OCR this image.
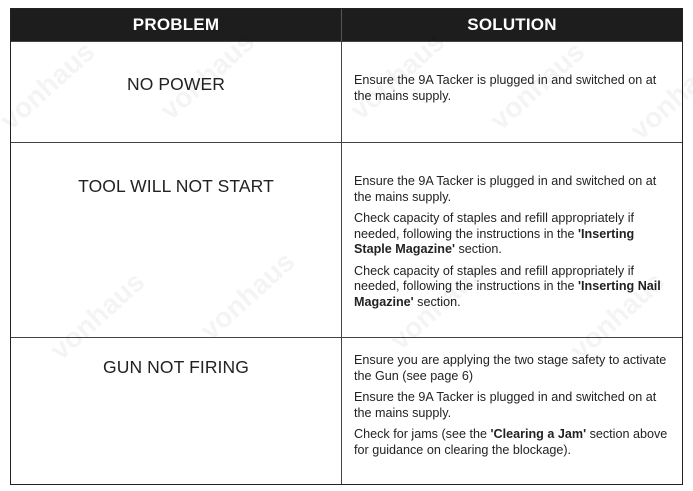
PROBLEM	SOLUTION
NO POWER	Ensure the 9A Tacker is plugged in and switched on at the mains supply.

TOOL WILL NOT START	Ensure the 9A Tacker is plugged in and switched on at the mains supply.

Check capacity of staples and refill appropriately if needed, following the instructions in the 'Inserting Staple Magazine' section.

Check capacity of staples and refill appropriately if needed, following the instructions in the 'Inserting Nail Magazine' section.

GUN NOT FIRING	Ensure you are applying the two stage safety to activate the Gun (see page 6)

Ensure the 9A Tacker is plugged in and switched on at the mains supply.

Check for jams (see the 'Clearing a Jam' section above for guidance on clearing the blockage).
